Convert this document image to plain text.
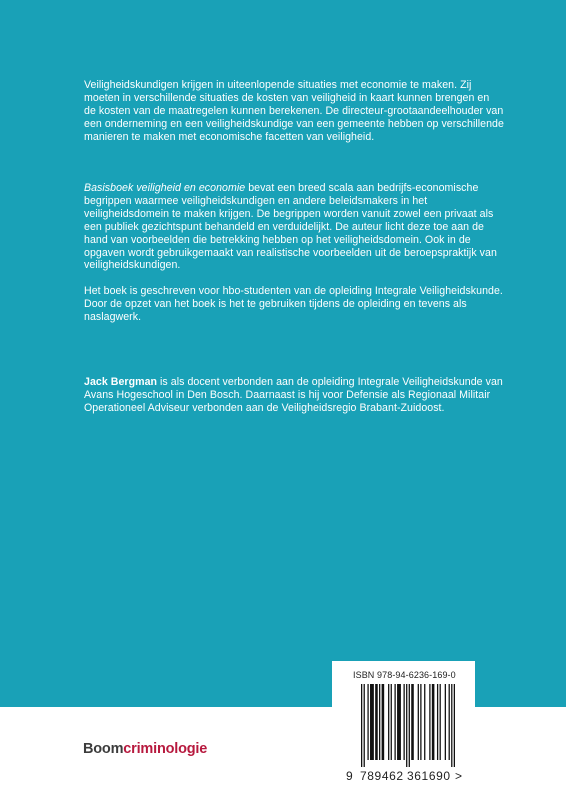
Veiligheidskundigen krijgen in uiteenlopende situaties met economie te maken. Zij moeten in verschillende situaties de kosten van veiligheid in kaart kunnen brengen en de kosten van de maatregelen kunnen berekenen. De directeur-grootaandeelhouder van een onderneming en een veiligheidskundige van een gemeente hebben op verschillende manieren te maken met economische facetten van veiligheid.

Basisboek veiligheid en economie bevat een breed scala aan bedrijfs-economische begrippen waarmee veiligheidskundigen en andere beleidsmakers in het veiligheidsdomein te maken krijgen. De begrippen worden vanuit zowel een privaat als een publiek gezichtspunt behandeld en verduidelijkt. De auteur licht deze toe aan de hand van voorbeelden die betrekking hebben op het veiligheidsdomein. Ook in de opgaven wordt gebruikgemaakt van realistische voorbeelden uit de beroepspraktijk van veiligheidskundigen.

Het boek is geschreven voor hbo-studenten van de opleiding Integrale Veiligheidskunde. Door de opzet van het boek is het te gebruiken tijdens de opleiding en tevens als naslagwerk.

Jack Bergman is als docent verbonden aan de opleiding Integrale Veiligheidskunde van Avans Hogeschool in Den Bosch. Daarnaast is hij voor Defensie als Regionaal Militair Operationeel Adviseur verbonden aan de Veiligheidsregio Brabant-Zuidoost.

Boomcriminologie
ISBN 978-94-6236-169-0
9 789462 361690 >
